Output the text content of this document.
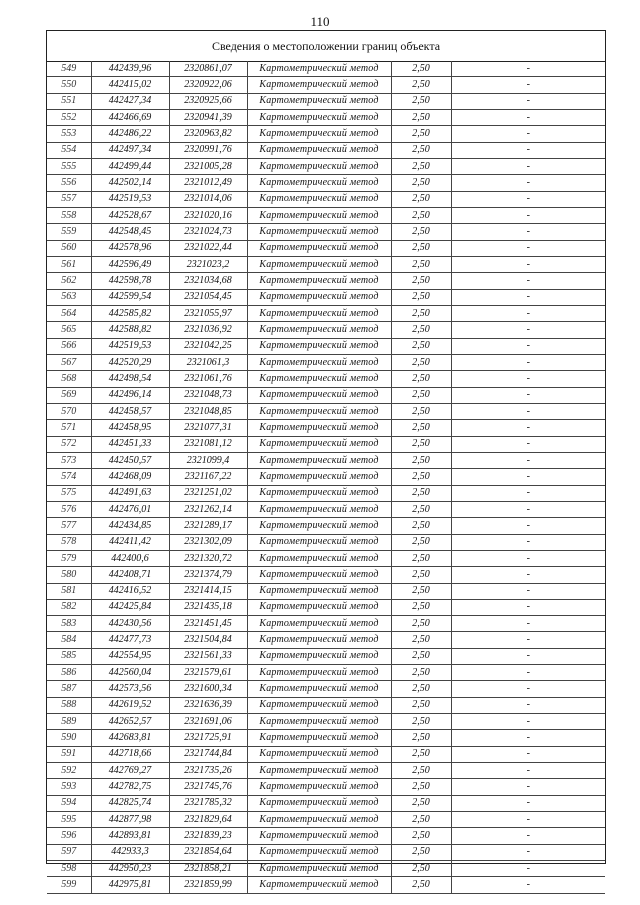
110
Сведения о местоположении границ объекта
549	442439,96	2320861,07	Картометрический метод	2,50	-
550	442415,02	2320922,06	Картометрический метод	2,50	-
551	442427,34	2320925,66	Картометрический метод	2,50	-
552	442466,69	2320941,39	Картометрический метод	2,50	-
553	442486,22	2320963,82	Картометрический метод	2,50	-
554	442497,34	2320991,76	Картометрический метод	2,50	-
555	442499,44	2321005,28	Картометрический метод	2,50	-
556	442502,14	2321012,49	Картометрический метод	2,50	-
557	442519,53	2321014,06	Картометрический метод	2,50	-
558	442528,67	2321020,16	Картометрический метод	2,50	-
559	442548,45	2321024,73	Картометрический метод	2,50	-
560	442578,96	2321022,44	Картометрический метод	2,50	-
561	442596,49	2321023,2	Картометрический метод	2,50	-
562	442598,78	2321034,68	Картометрический метод	2,50	-
563	442599,54	2321054,45	Картометрический метод	2,50	-
564	442585,82	2321055,97	Картометрический метод	2,50	-
565	442588,82	2321036,92	Картометрический метод	2,50	-
566	442519,53	2321042,25	Картометрический метод	2,50	-
567	442520,29	2321061,3	Картометрический метод	2,50	-
568	442498,54	2321061,76	Картометрический метод	2,50	-
569	442496,14	2321048,73	Картометрический метод	2,50	-
570	442458,57	2321048,85	Картометрический метод	2,50	-
571	442458,95	2321077,31	Картометрический метод	2,50	-
572	442451,33	2321081,12	Картометрический метод	2,50	-
573	442450,57	2321099,4	Картометрический метод	2,50	-
574	442468,09	2321167,22	Картометрический метод	2,50	-
575	442491,63	2321251,02	Картометрический метод	2,50	-
576	442476,01	2321262,14	Картометрический метод	2,50	-
577	442434,85	2321289,17	Картометрический метод	2,50	-
578	442411,42	2321302,09	Картометрический метод	2,50	-
579	442400,6	2321320,72	Картометрический метод	2,50	-
580	442408,71	2321374,79	Картометрический метод	2,50	-
581	442416,52	2321414,15	Картометрический метод	2,50	-
582	442425,84	2321435,18	Картометрический метод	2,50	-
583	442430,56	2321451,45	Картометрический метод	2,50	-
584	442477,73	2321504,84	Картометрический метод	2,50	-
585	442554,95	2321561,33	Картометрический метод	2,50	-
586	442560,04	2321579,61	Картометрический метод	2,50	-
587	442573,56	2321600,34	Картометрический метод	2,50	-
588	442619,52	2321636,39	Картометрический метод	2,50	-
589	442652,57	2321691,06	Картометрический метод	2,50	-
590	442683,81	2321725,91	Картометрический метод	2,50	-
591	442718,66	2321744,84	Картометрический метод	2,50	-
592	442769,27	2321735,26	Картометрический метод	2,50	-
593	442782,75	2321745,76	Картометрический метод	2,50	-
594	442825,74	2321785,32	Картометрический метод	2,50	-
595	442877,98	2321829,64	Картометрический метод	2,50	-
596	442893,81	2321839,23	Картометрический метод	2,50	-
597	442933,3	2321854,64	Картометрический метод	2,50	-
598	442950,23	2321858,21	Картометрический метод	2,50	-
599	442975,81	2321859,99	Картометрический метод	2,50	-
